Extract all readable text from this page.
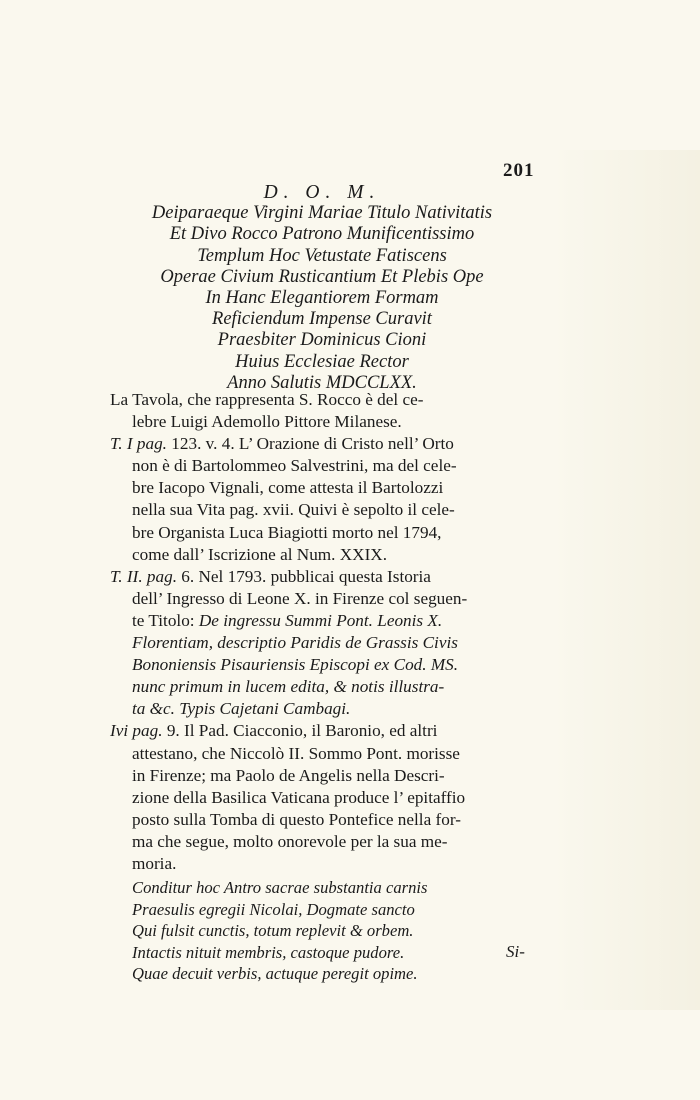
201
D. O. M.
Deiparaeque Virgini Mariae Titulo Nativitatis
Et Divo Rocco Patrono Munificentissimo
Templum Hoc Vetustate Fatiscens
Operae Civium Rusticantium Et Plebis Ope
In Hanc Elegantiorem Formam
Reficiendum Impense Curavit
Praesbiter Dominicus Cioni
Huius Ecclesiae Rector
Anno Salutis MDCCLXX.
La Tavola, che rappresenta S. Rocco è del ce-
lebre Luigi Ademollo Pittore Milanese.
T. I pag. 123. v. 4. L’ Orazione di Cristo nell’ Orto
non è di Bartolommeo Salvestrini, ma del cele-
bre Iacopo Vignali, come attesta il Bartolozzi
nella sua Vita pag. xvii. Quivi è sepolto il cele-
bre Organista Luca Biagiotti morto nel 1794,
come dall’ Iscrizione al Num. XXIX.
T. II. pag. 6. Nel 1793. pubblicai questa Istoria
dell’ Ingresso di Leone X. in Firenze col seguen-
te Titolo: De ingressu Summi Pont. Leonis X.
Florentiam, descriptio Paridis de Grassis Civis
Bononiensis Pisauriensis Episcopi ex Cod. MS.
nunc primum in lucem edita, & notis illustra-
ta &c. Typis Cajetani Cambagi.
Ivi pag. 9. Il Pad. Ciacconio, il Baronio, ed altri
attestano, che Niccolò II. Sommo Pont. morisse
in Firenze; ma Paolo de Angelis nella Descri-
zione della Basilica Vaticana produce l’ epitaffio
posto sulla Tomba di questo Pontefice nella for-
ma che segue, molto onorevole per la sua me-
moria.
Conditur hoc Antro sacrae substantia carnis
Praesulis egregii Nicolai, Dogmate sancto
Qui fulsit cunctis, totum replevit & orbem.
Intactis nituit membris, castoque pudore.
Quae decuit verbis, actuque peregit opime.
Si-
